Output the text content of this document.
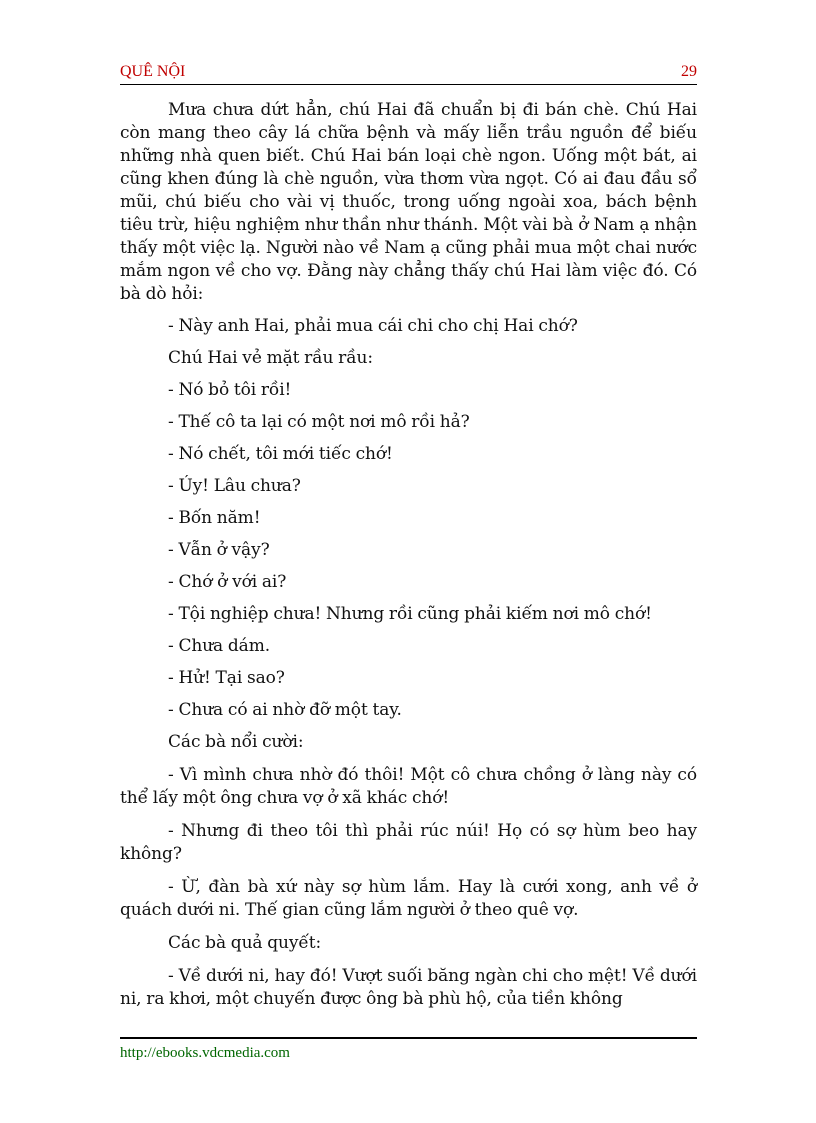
QUÊ NỘI	29

Mưa chưa dứt hẳn, chú Hai đã chuẩn bị đi bán chè. Chú Hai còn mang theo cây lá chữa bệnh và mấy liễn trầu nguồn để biếu những nhà quen biết. Chú Hai bán loại chè ngon. Uống một bát, ai cũng khen đúng là chè nguồn, vừa thơm vừa ngọt. Có ai đau đầu sổ mũi, chú biếu cho vài vị thuốc, trong uống ngoài xoa, bách bệnh tiêu trừ, hiệu nghiệm như thần như thánh. Một vài bà ở Nam ạ nhận thấy một việc lạ. Người nào về Nam ạ cũng phải mua một chai nước mắm ngon về cho vợ. Đằng này chẳng thấy chú Hai làm việc đó. Có bà dò hỏi:

- Này anh Hai, phải mua cái chi cho chị Hai chớ?

Chú Hai vẻ mặt rầu rầu:

- Nó bỏ tôi rồi!

- Thế cô ta lại có một nơi mô rồi hả?

- Nó chết, tôi mới tiếc chớ!

- Úy! Lâu chưa?

- Bốn năm!

- Vẫn ở vậy?

- Chớ ở với ai?

- Tội nghiệp chưa! Nhưng rồi cũng phải kiếm nơi mô chớ!

- Chưa dám.

- Hử! Tại sao?

- Chưa có ai nhờ đỡ một tay.

Các bà nổi cười:

- Vì mình chưa nhờ đó thôi! Một cô chưa chồng ở làng này có thể lấy một ông chưa vợ ở xã khác chớ!

- Nhưng đi theo tôi thì phải rúc núi! Họ có sợ hùm beo hay không?

- Ừ, đàn bà xứ này sợ hùm lắm. Hay là cưới xong, anh về ở quách dưới ni. Thế gian cũng lắm người ở theo quê vợ.

Các bà quả quyết:

- Về dưới ni, hay đó! Vượt suối băng ngàn chi cho mệt! Về dưới ni, ra khơi, một chuyến được ông bà phù hộ, của tiền không

http://ebooks.vdcmedia.com
